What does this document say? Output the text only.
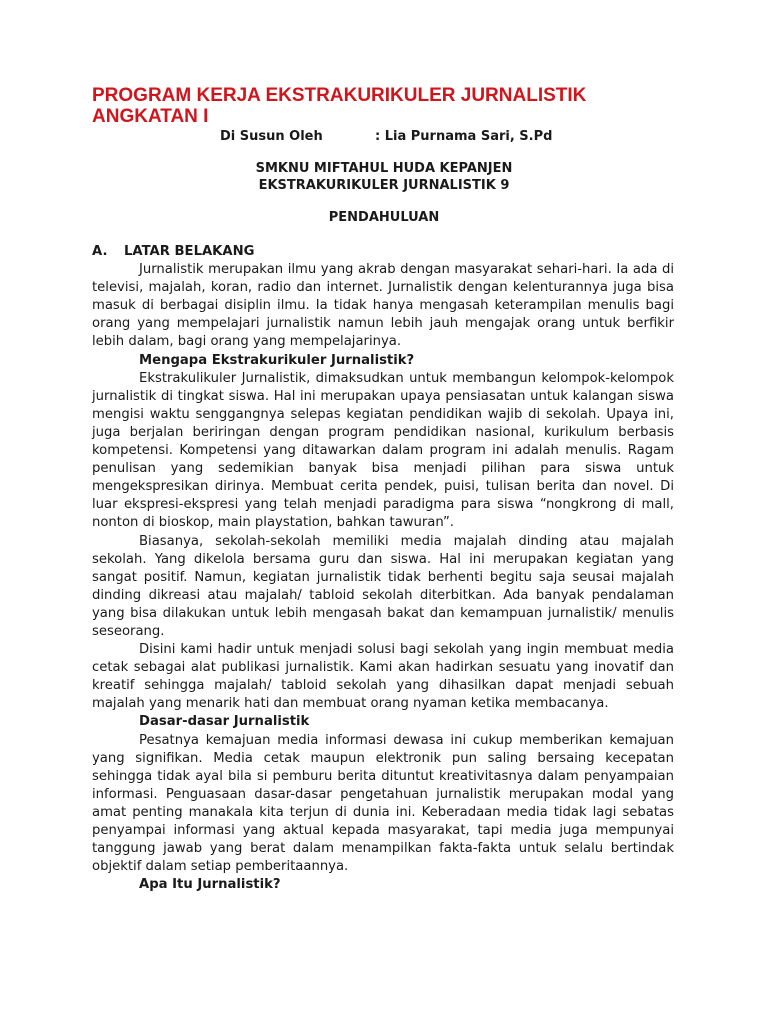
PROGRAM KERJA EKSTRAKURIKULER JURNALISTIK ANGKATAN I
Di Susun Oleh	: Lia Purnama Sari, S.Pd
SMKNU MIFTAHUL HUDA KEPANJEN
EKSTRAKURIKULER JURNALISTIK 9
PENDAHULUAN
A. LATAR BELAKANG

Jurnalistik merupakan ilmu yang akrab dengan masyarakat sehari-hari. Ia ada di televisi, majalah, koran, radio dan internet. Jurnalistik dengan kelenturannya juga bisa masuk di berbagai disiplin ilmu. Ia tidak hanya mengasah keterampilan menulis bagi orang yang mempelajari jurnalistik namun lebih jauh mengajak orang untuk berfikir lebih dalam, bagi orang yang mempelajarinya.

Mengapa Ekstrakurikuler Jurnalistik?

Ekstrakulikuler Jurnalistik, dimaksudkan untuk membangun kelompok-kelompok jurnalistik di tingkat siswa. Hal ini merupakan upaya pensiasatan untuk kalangan siswa mengisi waktu senggangnya selepas kegiatan pendidikan wajib di sekolah. Upaya ini, juga berjalan beriringan dengan program pendidikan nasional, kurikulum berbasis kompetensi. Kompetensi yang ditawarkan dalam program ini adalah menulis. Ragam penulisan yang sedemikian banyak bisa menjadi pilihan para siswa untuk mengekspresikan dirinya. Membuat cerita pendek, puisi, tulisan berita dan novel. Di luar ekspresi-ekspresi yang telah menjadi paradigma para siswa “nongkrong di mall, nonton di bioskop, main playstation, bahkan tawuran”.

Biasanya, sekolah-sekolah memiliki media majalah dinding atau majalah sekolah. Yang dikelola bersama guru dan siswa. Hal ini merupakan kegiatan yang sangat positif. Namun, kegiatan jurnalistik tidak berhenti begitu saja seusai majalah dinding dikreasi atau majalah/ tabloid sekolah diterbitkan. Ada banyak pendalaman yang bisa dilakukan untuk lebih mengasah bakat dan kemampuan jurnalistik/ menulis seseorang.

Disini kami hadir untuk menjadi solusi bagi sekolah yang ingin membuat media cetak sebagai alat publikasi jurnalistik. Kami akan hadirkan sesuatu yang inovatif dan kreatif sehingga majalah/ tabloid sekolah yang dihasilkan dapat menjadi sebuah majalah yang menarik hati dan membuat orang nyaman ketika membacanya.

Dasar-dasar Jurnalistik

Pesatnya kemajuan media informasi dewasa ini cukup memberikan kemajuan yang signifikan. Media cetak maupun elektronik pun saling bersaing kecepatan sehingga tidak ayal bila si pemburu berita dituntut kreativitasnya dalam penyampaian informasi. Penguasaan dasar-dasar pengetahuan jurnalistik merupakan modal yang amat penting manakala kita terjun di dunia ini. Keberadaan media tidak lagi sebatas penyampai informasi yang aktual kepada masyarakat, tapi media juga mempunyai tanggung jawab yang berat dalam menampilkan fakta-fakta untuk selalu bertindak objektif dalam setiap pemberitaannya.

Apa Itu Jurnalistik?
